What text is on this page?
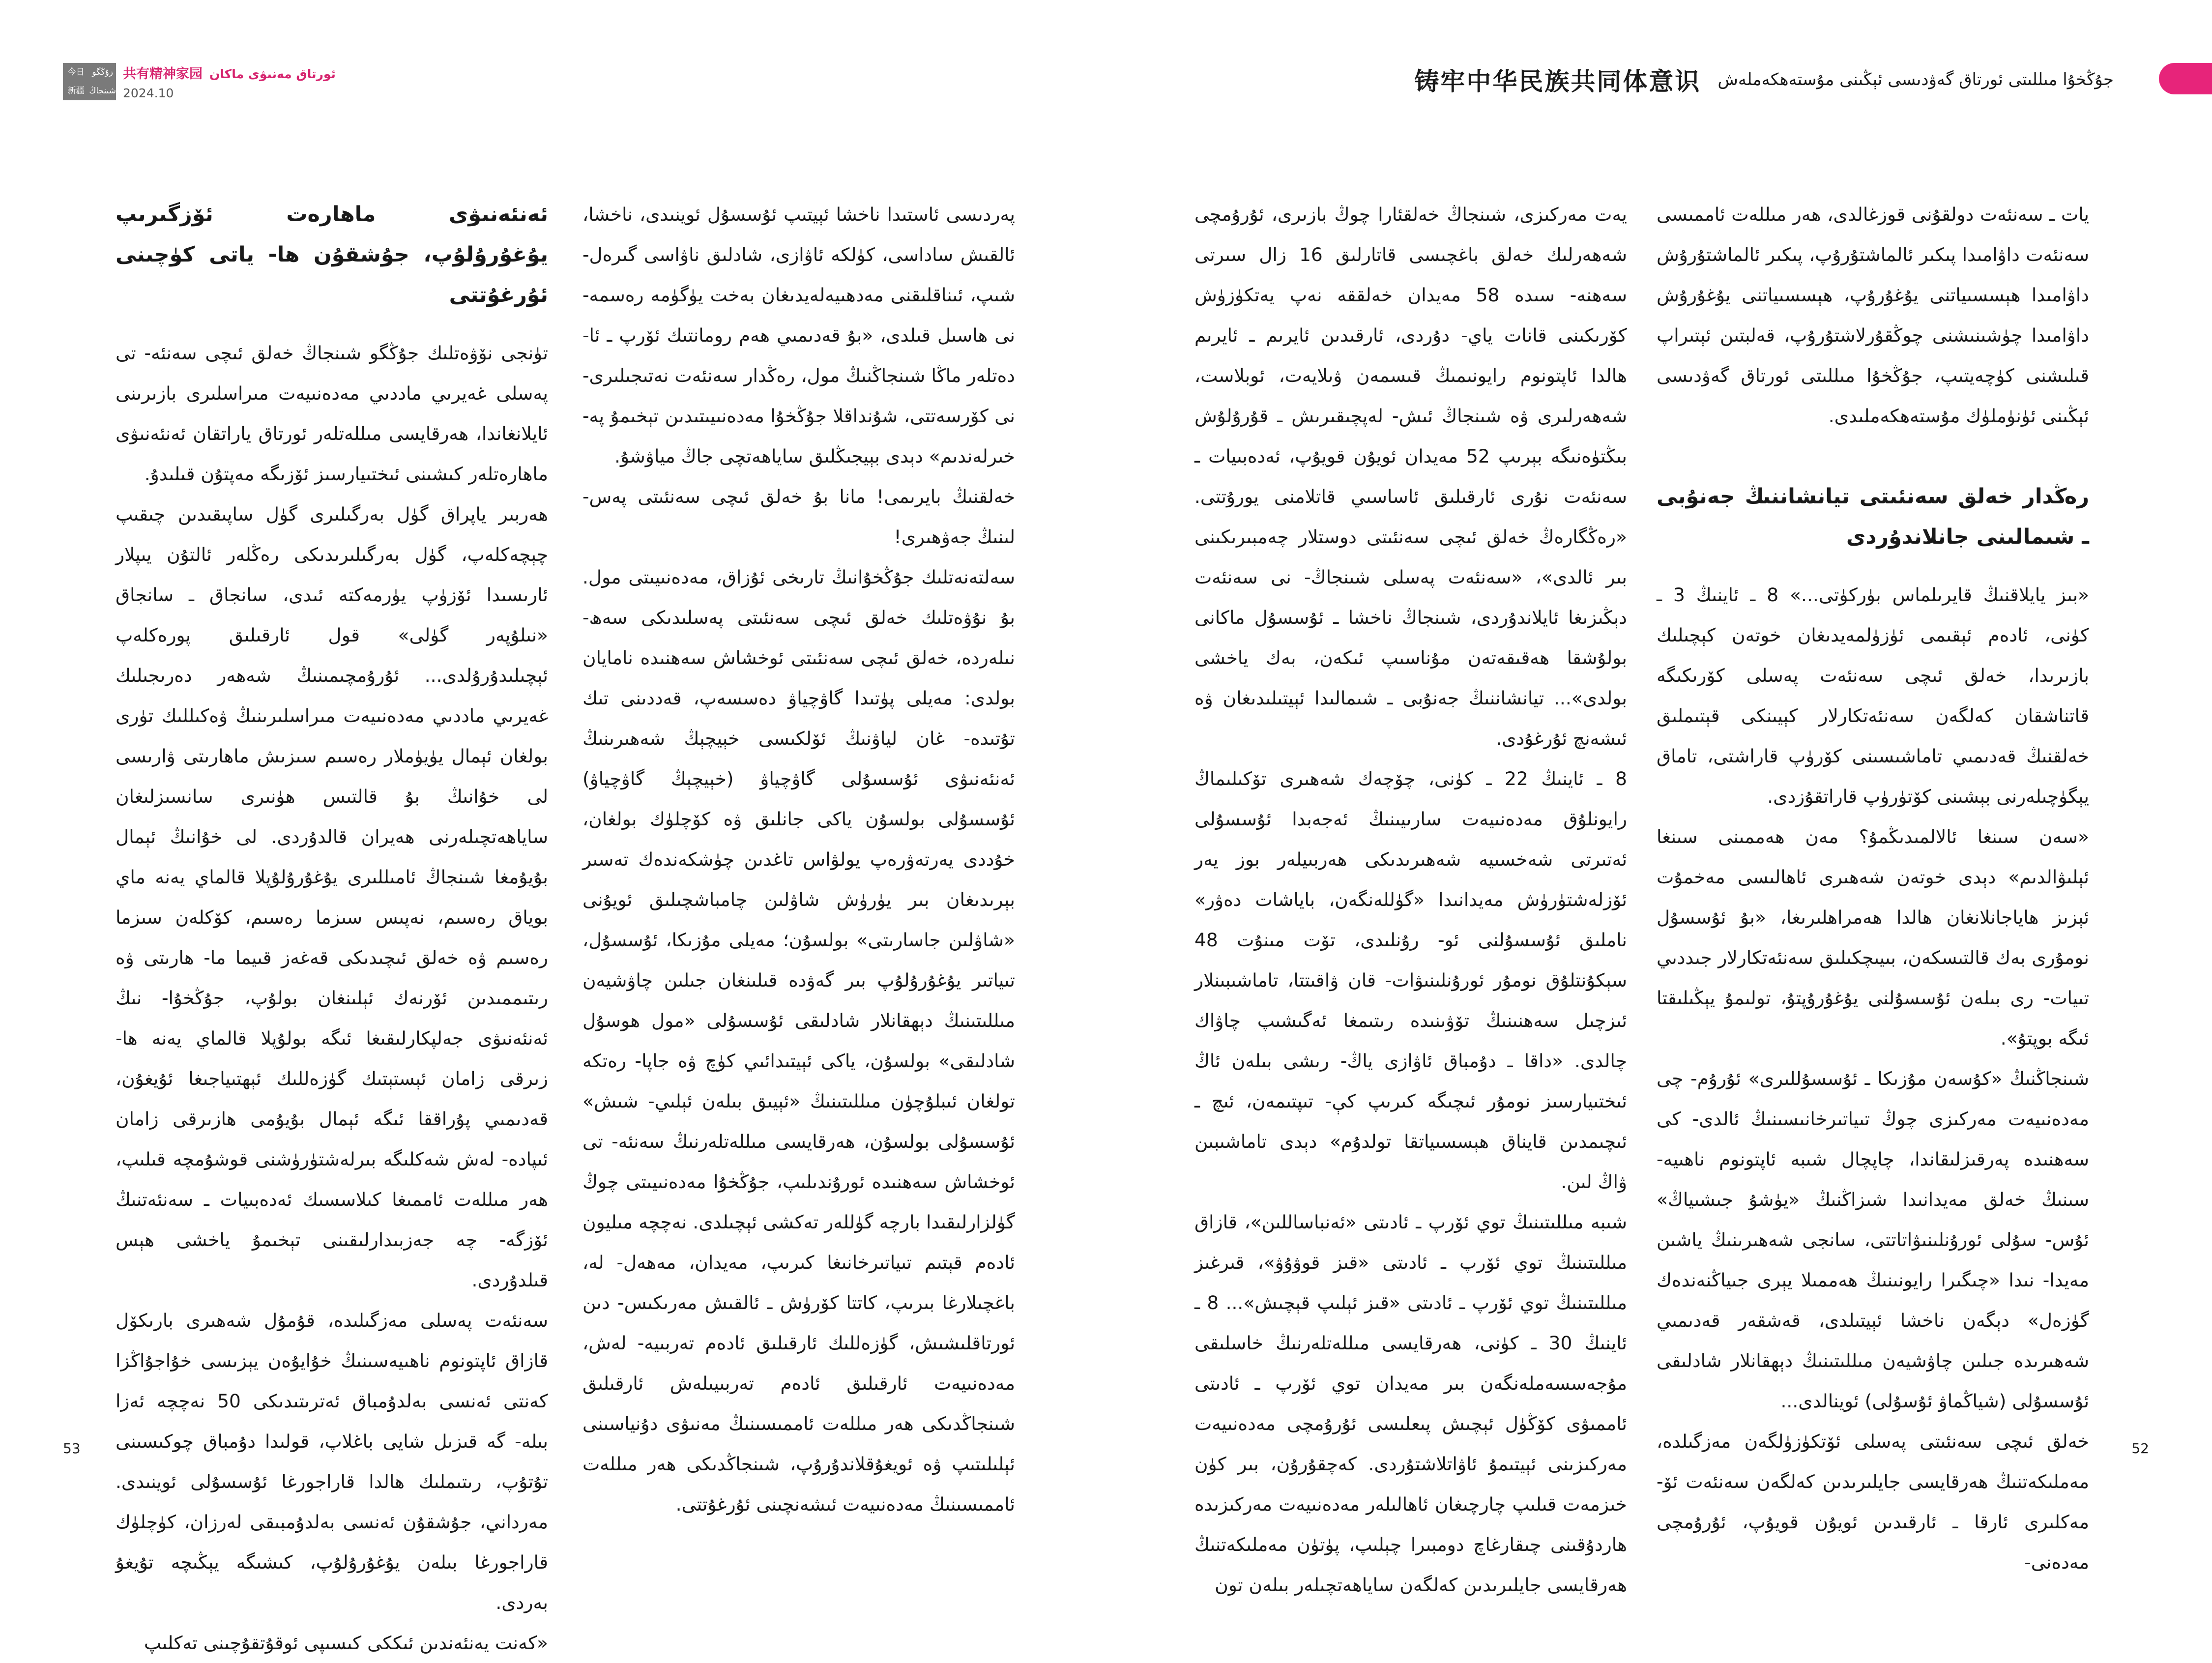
今日 زۇڭگو
新疆 شىنجاڭ
共有精神家园 ئورتاق مەنىۋى ماكان
2024.10	铸牢中华民族共同体意识 جۇڭخۇا مىللىتى ئورتاق گەۋدىسى ئېڭىنى مۇستەھكەملەش

يات ـ سەنئەت دولقۇنى قوزغالدى، ھەر مىللەت ئاممىسى سەنئەت داۋامىدا پىكىر ئالماشتۇرۇپ، پىكىر ئالماشتۇرۇش داۋامىدا ھېسسىياتنى يۇغۇرۇپ، ھېسسىياتنى يۇغۇرۇش داۋامىدا چۈشىنىشنى چوڭقۇرلاشتۇرۇپ، قەلبتىن ئېتىراپ قىلىشنى كۈچەيتىپ، جۇڭخۇا مىللىتى ئورتاق گەۋدىسى ئېڭىنى ئۈنۈملۈك مۇستەھكەملىدى.

رەڭدار خەلق سەنئىتى تيانشاننىڭ جەنۇبى ـ شىمالىنى جانلاندۇردى

«بىز يايلاقنىڭ قايرىلماس بۈركۈتى...» 8 ـ ئاينىڭ 3 ـ كۈنى، ئادەم ئېقىمى ئۈزۈلمەيدىغان خوتەن كېچىلىك بازىرىدا، خەلق ئىچى سەنئەت پەسلى كۆرىكىگە قاتناشقان كەلگەن سەنئەتكارلار كېيىنكى قېتىملىق خەلقنىڭ قەدىمىي تاماشىسىنى كۆرۈپ قاراشتى، تاماق يېگۈچىلەرنى بېشىنى كۆتۈرۈپ قاراتقۇزدى.

«سەن سىنغا ئالالمىدىڭمۇ؟ مەن ھەممىنى سىنغا ئېلىۋالدىم» دېدى خوتەن شەھىرى ئاھالىسى مەخمۇت ئېزىز ھاياجانلانغان ھالدا ھەمراھلىرىغا، «بۇ ئۇسسۇل نومۇرى بەك قالتىسكەن، بىيىچكىلىق سەنئەتكارلار جىددىي تىيات- رى بىلەن ئۇسسۇلنى يۇغۇرۇپتۇ، تولىمۇ يېڭىلىقتا ئىگە بوپتۇ».

شىنجاڭنىڭ «كۇسەن مۇزىكا ـ ئۇسسۇللىرى» ئۇرۇم- چى مەدەنىيەت مەركىزى چوڭ تىياتىرخانىسىنىڭ ئالدى- كى سەھنىدە پەرقىزلىقاندا، چاپچال شىبە ئاپتونوم ناھىيە- سىنىڭ خەلق مەيدانىدا شىزاڭنىڭ «يۈشۇ جىشىياڭ» ئۇس- سۇلى ئورۇنلىنىۋاتاتتى، سانجى شەھىرىنىڭ ياشىن مەيدا- نىدا «چىگىرا رايونىنىڭ ھەممىلا يېرى جىياڭنەندەك گۈزەل» دېگەن ناخشا ئېيتىلدى، قەشقەر قەدىمىي شەھىرىدە جىلىن چاۋشيەن مىللىتىنىڭ دېھقانلار شادلىقى ئۇسسۇلى (شياڭماۋ ئۇسۇلى) ئوينالدى...

خەلق ئىچى سەنئىتى پەسلى ئۆتكۈزۈلگەن مەزگىلدە، مەملىكەتنىڭ ھەرقايسى جايلىرىدىن كەلگەن سەنئەت ئۆ- مەكلىرى ئارقا ـ ئارقىدىن ئويۇن قويۇپ، ئۇرۇمچى مەدەنى-

يەت مەركىزى، شىنجاڭ خەلقئارا چوڭ بازىرى، ئۇرۇمچى شەھەرلىك خەلق باغچىسى قاتارلىق 16 زال سىرتى سەھنە- سىدە 58 مەيدان خەلققە نەپ يەتكۈزۈش كۆرىكىنى قانات ياي- دۇردى، ئارقىدىن ئايرىم ـ ئايرىم ھالدا ئاپتونوم رايونىمىڭ قىسمەن ۋىلايەت، ئوبلاست، شەھەرلىرى ۋە شىنجاڭ ئىش- لەپچىقىرىش ـ قۇرۇلۇش بىڭتۈەنىگە بېرىپ 52 مەيدان ئويۇن قويۇپ، ئەدەبىيات ـ سەنئەت نۇرى ئارقىلىق ئاساسىي قاتلامنى يورۇتتى. «رەڭگارەڭ خەلق ئىچى سەنئىتى دوستلار چەمبىرىكىنى بىر ئالدى»، «سەنئەت پەسلى شىنجاڭ- نى سەنئەت دېڭىزىغا ئايلاندۇردى، شىنجاڭ ناخشا ـ ئۇسسۇل ماكانى بولۇشقا ھەقىقەتەن مۇناسىپ ئىكەن، بەك ياخشى بولدى»... تيانشاننىڭ جەنۇبى ـ شىمالىدا ئېيتىلىدىغان ۋە ئىشەنچ ئۇرغۇدى.

8 ـ ئاينىڭ 22 ـ كۈنى، چۆچەك شەھىرى تۆكىلىماڭ رايونلۇق مەدەنىيەت سارىيىنىڭ ئەجەبدا ئۇسسۇلى ئەتىرتى شەخسىيە شەھىرىدىكى ھەربىيلەر بوز يەر ئۆزلەشتۈرۈش مەيدانىدا «گۈللەنگەن، باياشات دەۋر» ناملىق ئۇسسۇلنى ئو- رۇنلىدى، تۆت مىنۇت 48 سېكۇنتلۇق نومۇر ئورۇنلىنىۋات- قان ۋاقىتتا، تاماشىبىنلار ئىزچىل سەھنىنىڭ تۆۋىنىدە رىتىمغا ئەگىشىپ چاۋاك چالدى. «داقا ـ دۇمباق ئاۋازى ياڭ- رىشى بىلەن ئاڭ ئىختىيارسىز نومۇر ئىچىگە كىرىپ كې- تىپتىمەن، ئىچ ـ ئىچىمدىن قايناق ھېسسىياتقا تولدۇم» دېدى تاماشىبىن ۋاڭ لىن.

شىبە مىللىتىنىڭ توي ئۆرپ ـ ئادىتى «ئەنباساللىن»، قازاق مىللىتىنىڭ توي ئۆرپ ـ ئادىتى «قىز قوۋۇۋ»، قىرغىز مىللىتىنىڭ توي ئۆرپ ـ ئادىتى «قىز ئېلىپ قېچىش»... 8 ـ ئاينىڭ 30 ـ كۈنى، ھەرقايسى مىللەتلەرنىڭ خاسلىقى مۇجەسسەملەنگەن بىر مەيدان توي ئۆرپ ـ ئادىتى ئاممىۋى كۆڭۈل ئېچىش پىعلىسى ئۇرۇمچى مەدەنىيەت مەركىزىنى ئېيتىمۇ ئاۋاتلاشتۇردى. كەچقۇرۇن، بىر كۈن خىزمەت قىلىپ چارچىغان ئاھالىلەر مەدەنىيەت مەركىزىدە ھاردۇقىنى چىقارغاچ دومبىرا چېلىپ، پۈتۈن مەملىكەتنىڭ ھەرقايسى جايلىرىدىن كەلگەن ساياھەتچىلەر بىلەن تون

پەردىسى ئاستىدا ناخشا ئېيتىپ ئۇسسۇل ئوينىدى، ناخشا، ئالقىش ساداسى، كۈلكە ئاۋازى، شادلىق ناۋاسى گىرەل- شىپ، ئىناقلىقنى مەدھىيەلەيدىغان بەخت يۈگۈمە رەسمە- نى ھاسىل قىلدى، «بۇ قەدىمىي ھەم رومانتىك ئۆرپ ـ ئا- دەتلەر ماڭا شىنجاڭنىڭ مول، رەڭدار سەنئەت نەتىجىلىرى- نى كۆرسەتتى، شۇنداقلا جۇڭخۇا مەدەنىيىتىدىن تېخىمۇ پە- خىرلەندىم» دېدى بېيجىڭلىق ساياھەتچى جاڭ مياۋشۇ.

خەلقنىڭ بايرىمى! مانا بۇ خەلق ئىچى سەنئىتى پەس- لىنىڭ جەۋھىرى!

سەلتەنەتلىك جۇڭخۇانىڭ تارىخى ئۇزاق، مەدەنىيىتى مول. بۇ نۇۋەتلىك خەلق ئىچى سەنئىتى پەسلىدىكى سەھ- نىلەردە، خەلق ئىچى سەنئىتى ئوخشاش سەھنىدە نامايان بولدى: مەيلى پۈتىدا گاۋچياۋ دەسسەپ، قەددىنى تىك تۇتىدە- غان لياۋنىڭ ئۆلكىسى خېيچېڭ شەھىرىنىڭ ئەنئەنىۋى ئۇسسۇلى گاۋچياۋ (خېيچېڭ گاۋچياۋ) ئۇسسۇلى بولسۇن ياكى جانلىق ۋە كۆچلۈك بولغان، خۇددى يەرتەۋرەپ يولۋاس تاغدىن چۈشكەندەك تەسىر بېرىدىغان بىر يۈرۈش شاۋلىن چامباشچىلىق ئويۇنى «شاۋلىن جاسارىتى» بولسۇن؛ مەيلى مۇزىكا، ئۇسسۇل، تىياتىر يۇغۇرۇلۇپ بىر گەۋدە قىلىنغان جىلىن چاۋشيەن مىللىتىنىڭ دېھقانلار شادلىقى ئۇسسۇلى «مول ھوسۇل شادلىقى» بولسۇن، ياكى ئېيتىدائىي كۈچ ۋە جاپا- رەتكە تولغان ئىبلۇچۈن مىللىتىنىڭ «ئېيىق بىلەن ئېلىي- شىش» ئۇسسۇلى بولسۇن، ھەرقايسى مىللەتلەرنىڭ سەنئە- تى ئوخشاش سەھنىدە ئورۇندىلىپ، جۇڭخۇا مەدەنىيىتى چوڭ گۈلزارلىقىدا بارچە گۈللەر تەكشى ئېچىلدى. نەچچە مىليون ئادەم قېتىم تىياتىرخانىغا كىرىپ، مەيدان، مەھەل- لە، باغچىلارغا بىرىپ، كاتتا كۆرۈش ـ ئالقىش مەرىكىس- دىن ئورتاقلىشىش، گۈزەللىك ئارقىلىق ئادەم تەربىيە- لەش، مەدەنىيەت ئارقىلىق ئادەم تەربىيىلەش ئارقىلىق شىنجاڭدىكى ھەر مىللەت ئاممىسىنىڭ مەنىۋى دۇنياسىنى ئېلىلىتىپ ۋە ئويغۇقلاندۇرۇپ، شىنجاڭدىكى ھەر مىللەت ئاممىسىنىڭ مەدەنىيەت ئىشەنچىنى ئۇرغۇتتى.

ئەنئەنىۋى ماھارەت ئۆزگىرىپ يۇغۇرۇلۇپ، جۇشقۇن ھا- ياتى كۈچىنى ئۇرغۇتتى

تۈنجى نۆۋەتلىك جۇڭگو شىنجاڭ خەلق ئىچى سەنئە- تى پەسلى غەيرىي ماددىي مەدەنىيەت مىراسلىرى بازىرىنى ئايلانغاندا، ھەرقايسى مىللەتلەر ئورتاق ياراتقان ئەنئەنىۋى ماھارەتلەر كىشىنى ئىختىيارسىز ئۆزىگە مەپتۇن قىلىدۇ.

ھەربىر ياپراق گۈل بەرگىلىرى گۈل ساپىقىدىن چىقىپ چېچەكلەپ، گۈل بەرگىلىرىدىكى رەڭلەر ئالتۇن يىپلار ئارىسىدا ئۆزۈپ يۈرمەكتە ئىدى، سانجاق ـ سانجاق «نىلۇپەر گۈلى» قول ئارقىلىق پورەكلەپ ئېچىلىدۇرۇلدى... ئۇرۇمچىمىنىڭ شەھەر دەرىجىلىك غەيرىي ماددىي مەدەنىيەت مىراسلىرىنىڭ ۋەكىللىك تۈرى بولغان ئېمال يۈيۈملار رەسىم سىزىش ماھارىتى ۋارىسى لى خۇانىڭ بۇ قالتىس ھۈنىرى سانسىزلىغان ساياھەتچىلەرنى ھەيران قالدۇردى. لى خۇانىڭ ئېمال بۇيۇمغا شىنجاڭ ئامىللىرى يۇغۇرۇلۇپلا قالماي يەنە ماي بوياق رەسىم، نەپىس سىزما رەسىم، كۆكلەن سىزما رەسىم ۋە خەلق ئىچىدىكى قەغەز قىيما ما- ھارىتى ۋە رىتىممىدىن ئۆرنەك ئېلىنغان بولۇپ، جۇڭخۇا- نىڭ ئەنئەنىۋى جەلپكارلىقىغا ئىگە بولۇپلا قالماي يەنە ھا- زىرقى زامان ئېستېتىك گۈزەللىك ئېھتىياجىغا ئۇيغۇن، قەدىمىي پۇراققا ئىگە ئېمال بۇيۇمى ھازىرقى زامان ئىپادە- لەش شەكلىگە بىرلەشتۈرۈشنى قوشۇمچە قىلىپ، ھەر مىللەت ئاممىغا كىلاسسىك ئەدەبىيات ـ سەنئەتنىڭ ئۆزگە- چە جەزبىدارلىقىنى تېخىمۇ ياخشى ھېس قىلدۇردى.

سەنئەت پەسلى مەزگىلىدە، قۇمۇل شەھىرى بارىكۆل قازاق ئاپتونوم ناھىيەسىنىڭ خۇايۇەن يېزىسى خۇاجۇاڭزا كەنتى ئەنسى بەلدۇمباق ئەترىتىدىكى 50 نەچچە ئەزا بىلە- گە قىزىل شايى باغلاپ، قولىدا دۇمباق چوكىسىنى تۇتۇپ، رىتىملىك ھالدا قاراجورغا ئۇسسۇلى ئوينىدى. مەرداني، جۇشقۇن ئەنسى بەلدۇمبىقى لەرزان، كۈچلۈك قاراجورغا بىلەن يۇغۇرۇلۇپ، كىشىگە يېڭىچە تۇيغۇ بەردى.

«كەنت يەنئەندىن ئىككى كىسىپى ئوقۇتقۇچىنى تەكلىپ

53	52
